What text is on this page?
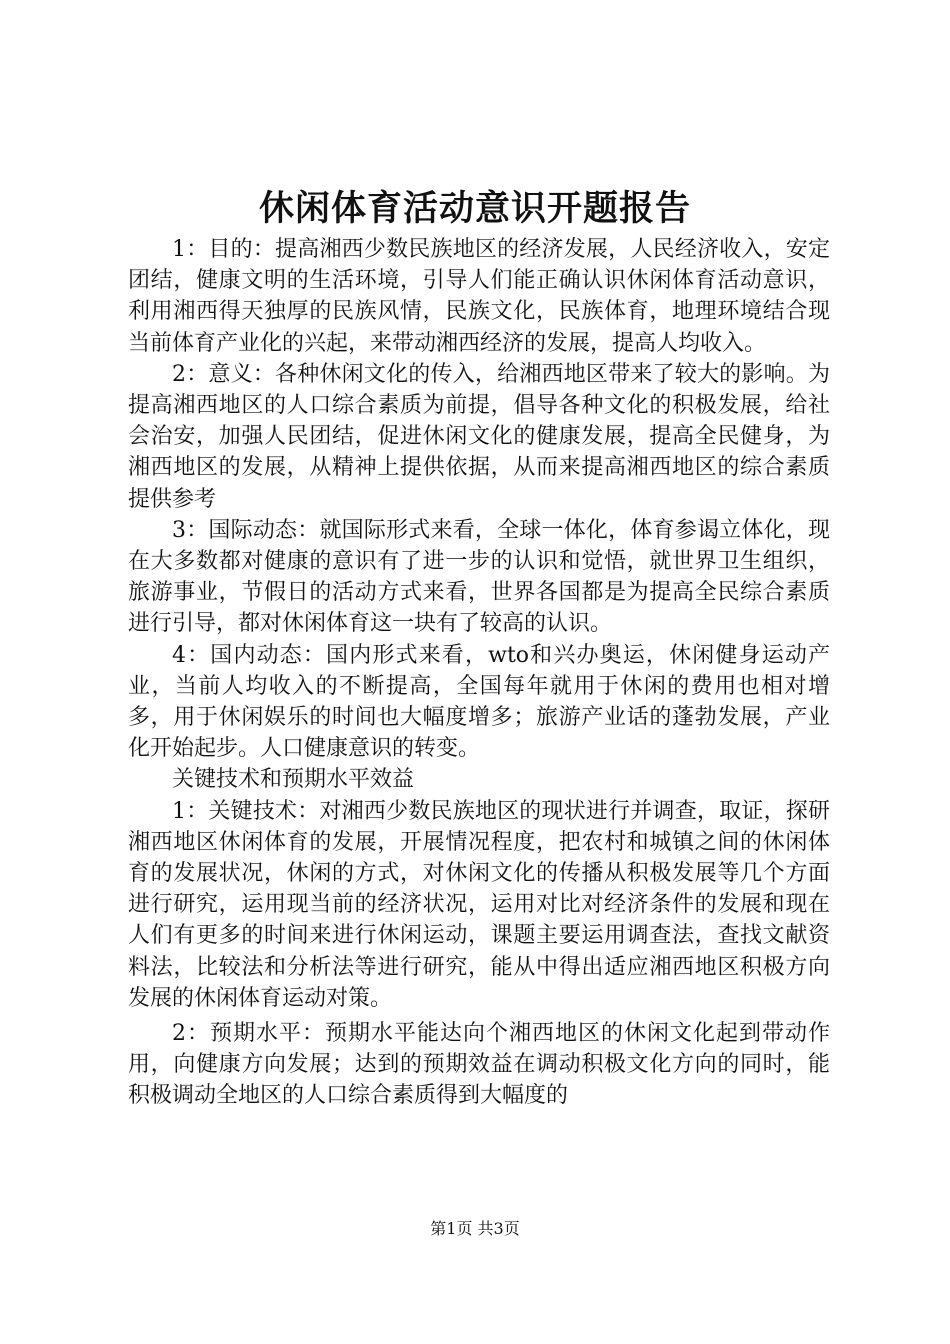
休闲体育活动意识开题报告

1：目的：提高湘西少数民族地区的经济发展，人民经济收入，安定团结，健康文明的生活环境，引导人们能正确认识休闲体育活动意识，利用湘西得天独厚的民族风情，民族文化，民族体育，地理环境结合现当前体育产业化的兴起，来带动湘西经济的发展，提高人均收入。

2：意义：各种休闲文化的传入，给湘西地区带来了较大的影响。为提高湘西地区的人口综合素质为前提，倡导各种文化的积极发展，给社会治安，加强人民团结，促进休闲文化的健康发展，提高全民健身，为湘西地区的发展，从精神上提供依据，从而来提高湘西地区的综合素质提供参考

3：国际动态：就国际形式来看，全球一体化，体育参谒立体化，现在大多数都对健康的意识有了进一步的认识和觉悟，就世界卫生组织，旅游事业，节假日的活动方式来看，世界各国都是为提高全民综合素质进行引导，都对休闲体育这一块有了较高的认识。

4：国内动态：国内形式来看，wto和兴办奥运，休闲健身运动产业，当前人均收入的不断提高，全国每年就用于休闲的费用也相对增多，用于休闲娱乐的时间也大幅度增多；旅游产业话的蓬勃发展，产业化开始起步。人口健康意识的转变。

关键技术和预期水平效益

1：关键技术：对湘西少数民族地区的现状进行并调查，取证，探研湘西地区休闲体育的发展，开展情况程度，把农村和城镇之间的休闲体育的发展状况，休闲的方式，对休闲文化的传播从积极发展等几个方面进行研究，运用现当前的经济状况，运用对比对经济条件的发展和现在人们有更多的时间来进行休闲运动，课题主要运用调查法，查找文献资料法，比较法和分析法等进行研究，能从中得出适应湘西地区积极方向发展的休闲体育运动对策。

2：预期水平：预期水平能达向个湘西地区的休闲文化起到带动作用，向健康方向发展；达到的预期效益在调动积极文化方向的同时，能积极调动全地区的人口综合素质得到大幅度的

第1页 共3页
